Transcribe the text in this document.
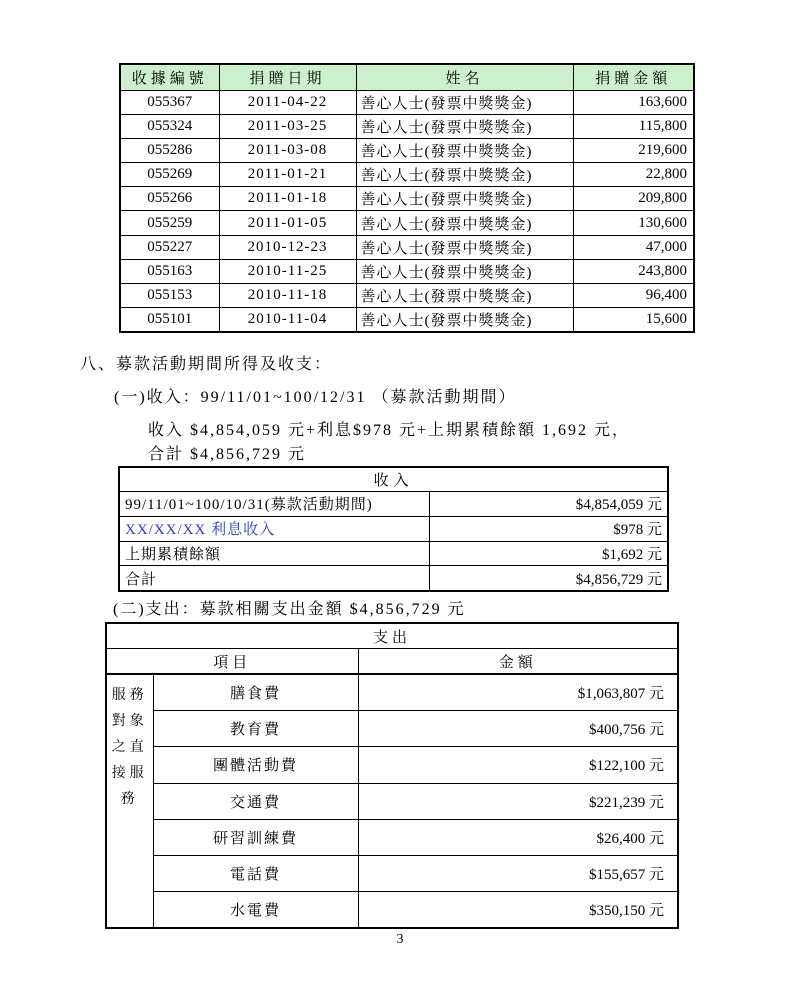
收據編號	捐贈日期	姓名	捐贈金額
055367	2011-04-22	善心人士(發票中獎獎金)	163,600
055324	2011-03-25	善心人士(發票中獎獎金)	115,800
055286	2011-03-08	善心人士(發票中獎獎金)	219,600
055269	2011-01-21	善心人士(發票中獎獎金)	22,800
055266	2011-01-18	善心人士(發票中獎獎金)	209,800
055259	2011-01-05	善心人士(發票中獎獎金)	130,600
055227	2010-12-23	善心人士(發票中獎獎金)	47,000
055163	2010-11-25	善心人士(發票中獎獎金)	243,800
055153	2010-11-18	善心人士(發票中獎獎金)	96,400
055101	2010-11-04	善心人士(發票中獎獎金)	15,600
八、募款活動期間所得及收支：
(一)收入：99/11/01~100/12/31 （募款活動期間）
收入 $4,854,059 元+利息$978 元+上期累積餘額 1,692 元，
合計 $4,856,729 元
收入	
99/11/01~100/10/31(募款活動期間)	$4,854,059 元
XX/XX/XX 利息收入	$978 元
上期累積餘額	$1,692 元
合計	$4,856,729 元
(二)支出：募款相關支出金額 $4,856,729 元
支出		
項目		金額

服務
對象
之直
接服
務	膳食費	$1,063,807 元
	教育費	$400,756 元
	團體活動費	$122,100 元
	交通費	$221,239 元
	研習訓練費	$26,400 元
	電話費	$155,657 元
	水電費	$350,150 元
3
